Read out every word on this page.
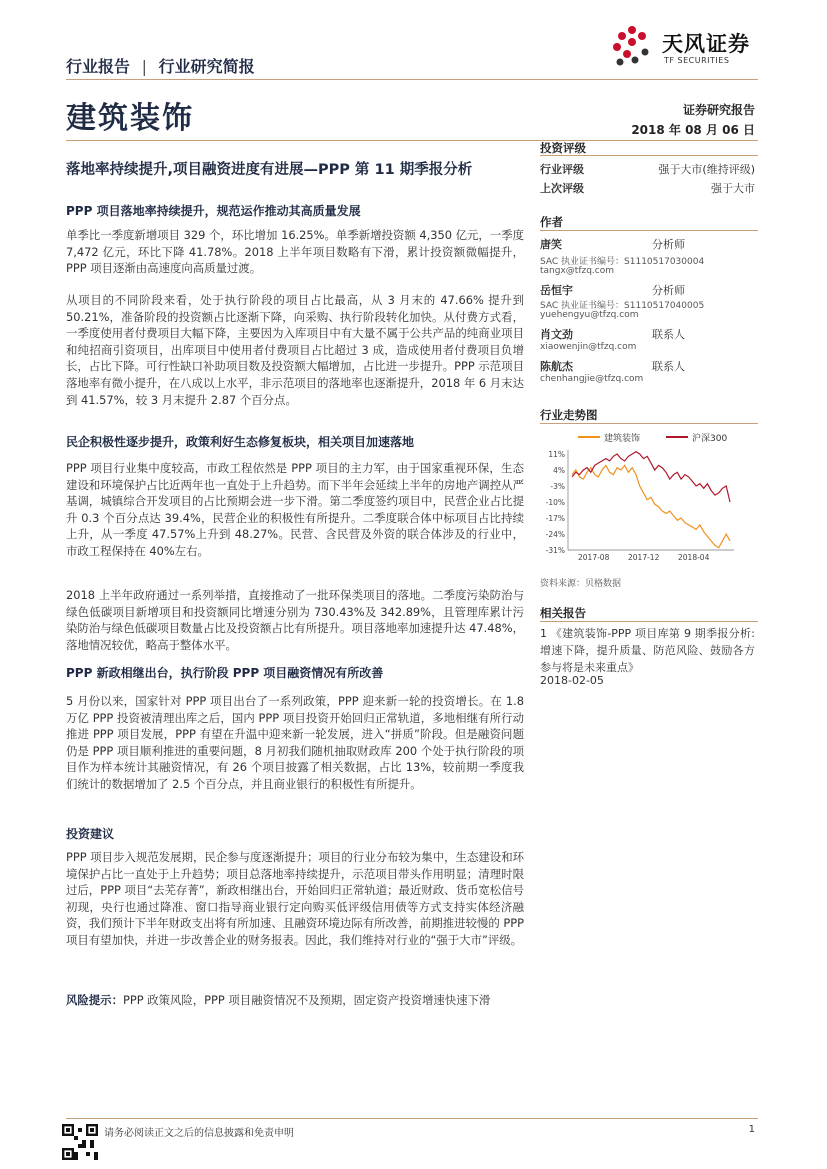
天风证券
TF SECURITIES
行业报告 | 行业研究简报
建筑装饰	证券研究报告
2018 年 08 月 06 日
落地率持续提升,项目融资进度有进展—PPP 第 11 期季报分析
投资评级
行业评级	强于大市(维持评级)
上次评级	强于大市
作者
唐笑	分析师
SAC 执业证书编号：S1110517030004
tangx@tfzq.com
岳恒宇	分析师
SAC 执业证书编号：S1110517040005
yuehengyu@tfzq.com
肖文劲	联系人
xiaowenjin@tfzq.com
陈航杰	联系人
chenhangjie@tfzq.com
行业走势图
建筑装饰	沪深300
11%
4%
-3%
-10%
-17%
-24%
-31%
2017-08 2017-12 2018-04
资料来源：贝格数据
相关报告
1 《建筑装饰-PPP 项目库第 9 期季报分析:增速下降，提升质量、防范风险、鼓励各方参与将是未来重点》
2018-02-05
PPP 项目落地率持续提升，规范运作推动其高质量发展
单季比一季度新增项目 329 个，环比增加 16.25%。单季新增投资额 4,350 亿元，一季度 7,472 亿元，环比下降 41.78%。2018 上半年项目数略有下滑，累计投资额微幅提升，PPP 项目逐渐由高速度向高质量过渡。
从项目的不同阶段来看，处于执行阶段的项目占比最高，从 3 月末的 47.66% 提升到 50.21%，准备阶段的投资额占比逐渐下降，向采购、执行阶段转化加快。从付费方式看，一季度使用者付费项目大幅下降，主要因为入库项目中有大量不属于公共产品的纯商业项目和纯招商引资项目，出库项目中使用者付费项目占比超过 3 成，造成使用者付费项目负增长，占比下降。可行性缺口补助项目数及投资额大幅增加，占比进一步提升。PPP 示范项目落地率有微小提升，在八成以上水平，非示范项目的落地率也逐渐提升，2018 年 6 月末达到 41.57%，较 3 月末提升 2.87 个百分点。
民企积极性逐步提升，政策利好生态修复板块，相关项目加速落地
PPP 项目行业集中度较高，市政工程依然是 PPP 项目的主力军，由于国家重视环保，生态建设和环境保护占比近两年也一直处于上升趋势。而下半年会延续上半年的房地产调控从严基调，城镇综合开发项目的占比预期会进一步下滑。第二季度签约项目中，民营企业占比提升 0.3 个百分点达 39.4%，民营企业的积极性有所提升。二季度联合体中标项目占比持续上升，从一季度 47.57%上升到 48.27%。民营、含民营及外资的联合体涉及的行业中，市政工程保持在 40%左右。
2018 上半年政府通过一系列举措，直接推动了一批环保类项目的落地。二季度污染防治与绿色低碳项目新增项目和投资额同比增速分别为 730.43%及 342.89%，且管理库累计污染防治与绿色低碳项目数量占比及投资额占比有所提升。项目落地率加速提升达 47.48%，落地情况较优，略高于整体水平。
PPP 新政相继出台，执行阶段 PPP 项目融资情况有所改善
5 月份以来，国家针对 PPP 项目出台了一系列政策，PPP 迎来新一轮的投资增长。在 1.8 万亿 PPP 投资被清理出库之后，国内 PPP 项目投资开始回归正常轨道，多地相继有所行动推进 PPP 项目发展，PPP 有望在升温中迎来新一轮发展，进入“拼质”阶段。但是融资问题仍是 PPP 项目顺利推进的重要问题，8 月初我们随机抽取财政库 200 个处于执行阶段的项目作为样本统计其融资情况，有 26 个项目披露了相关数据，占比 13%，较前期一季度我们统计的数据增加了 2.5 个百分点，并且商业银行的积极性有所提升。
投资建议
PPP 项目步入规范发展期，民企参与度逐渐提升；项目的行业分布较为集中，生态建设和环境保护占比一直处于上升趋势；项目总落地率持续提升，示范项目带头作用明显；清理时限过后，PPP 项目“去芜存菁”，新政相继出台，开始回归正常轨道；最近财政、货币宽松信号初现，央行也通过降准、窗口指导商业银行定向购买低评级信用债等方式支持实体经济融资，我们预计下半年财政支出将有所加速、且融资环境边际有所改善，前期推进较慢的 PPP 项目有望加快，并进一步改善企业的财务报表。因此，我们维持对行业的“强于大市”评级。
风险提示：PPP 政策风险，PPP 项目融资情况不及预期，固定资产投资增速快速下滑
请务必阅读正文之后的信息披露和免责申明	1
